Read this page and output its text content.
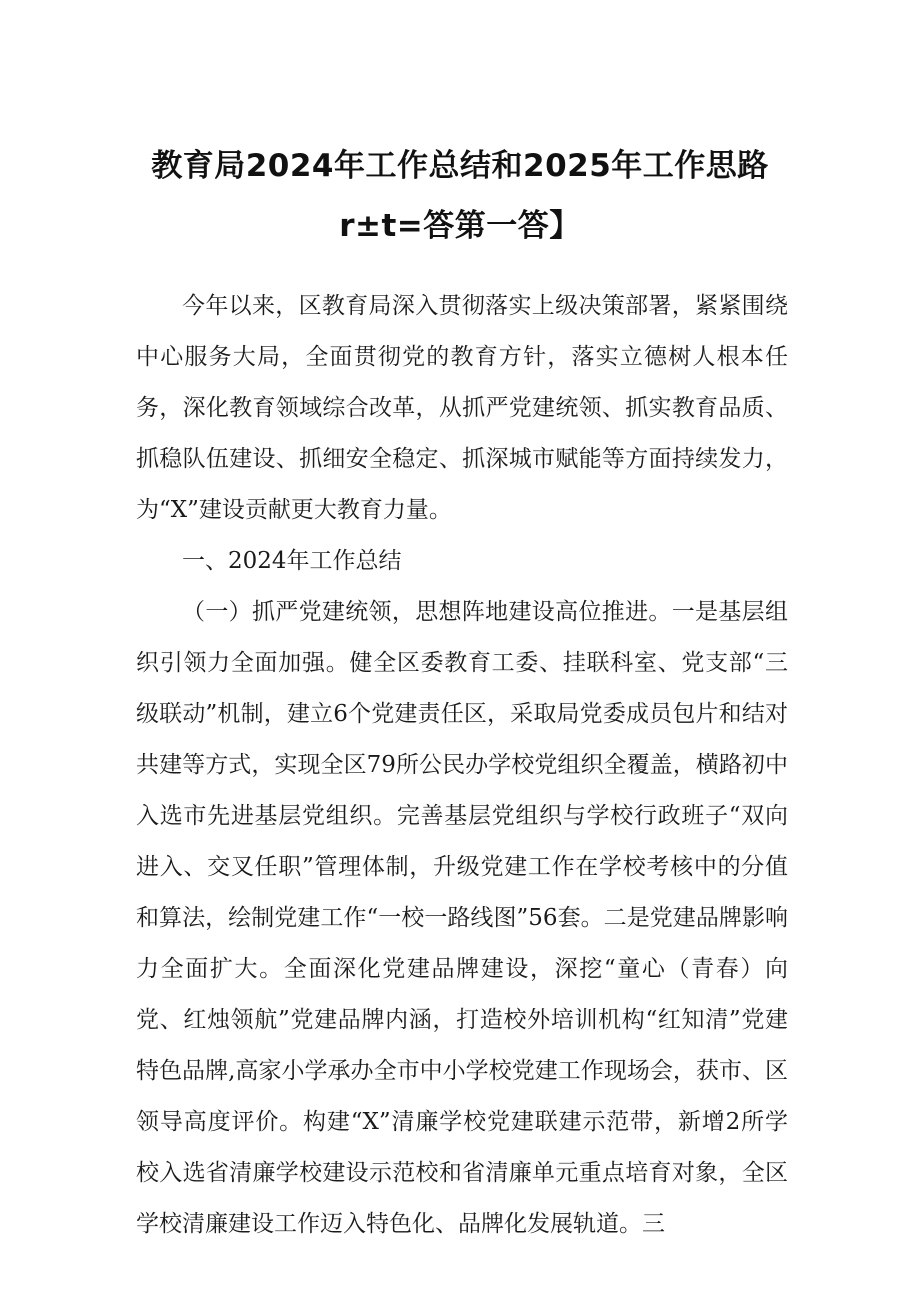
教育局2024年工作总结和2025年工作思路
r±t=答第一答】

今年以来，区教育局深入贯彻落实上级决策部署，紧紧围绕中心服务大局，全面贯彻党的教育方针，落实立德树人根本任务，深化教育领域综合改革，从抓严党建统领、抓实教育品质、抓稳队伍建设、抓细安全稳定、抓深城市赋能等方面持续发力，为“X”建设贡献更大教育力量。

一、2024年工作总结

（一）抓严党建统领，思想阵地建设高位推进。一是基层组织引领力全面加强。健全区委教育工委、挂联科室、党支部“三级联动”机制，建立6个党建责任区，采取局党委成员包片和结对共建等方式，实现全区79所公民办学校党组织全覆盖，横路初中入选市先进基层党组织。完善基层党组织与学校行政班子“双向进入、交叉任职”管理体制，升级党建工作在学校考核中的分值和算法，绘制党建工作“一校一路线图”56套。二是党建品牌影响力全面扩大。全面深化党建品牌建设，深挖“童心（青春）向党、红烛领航”党建品牌内涵，打造校外培训机构“红知清”党建特色品牌,高家小学承办全市中小学校党建工作现场会，获市、区领导高度评价。构建“X”清廉学校党建联建示范带，新增2所学校入选省清廉学校建设示范校和省清廉单元重点培育对象，全区学校清廉建设工作迈入特色化、品牌化发展轨道。三
